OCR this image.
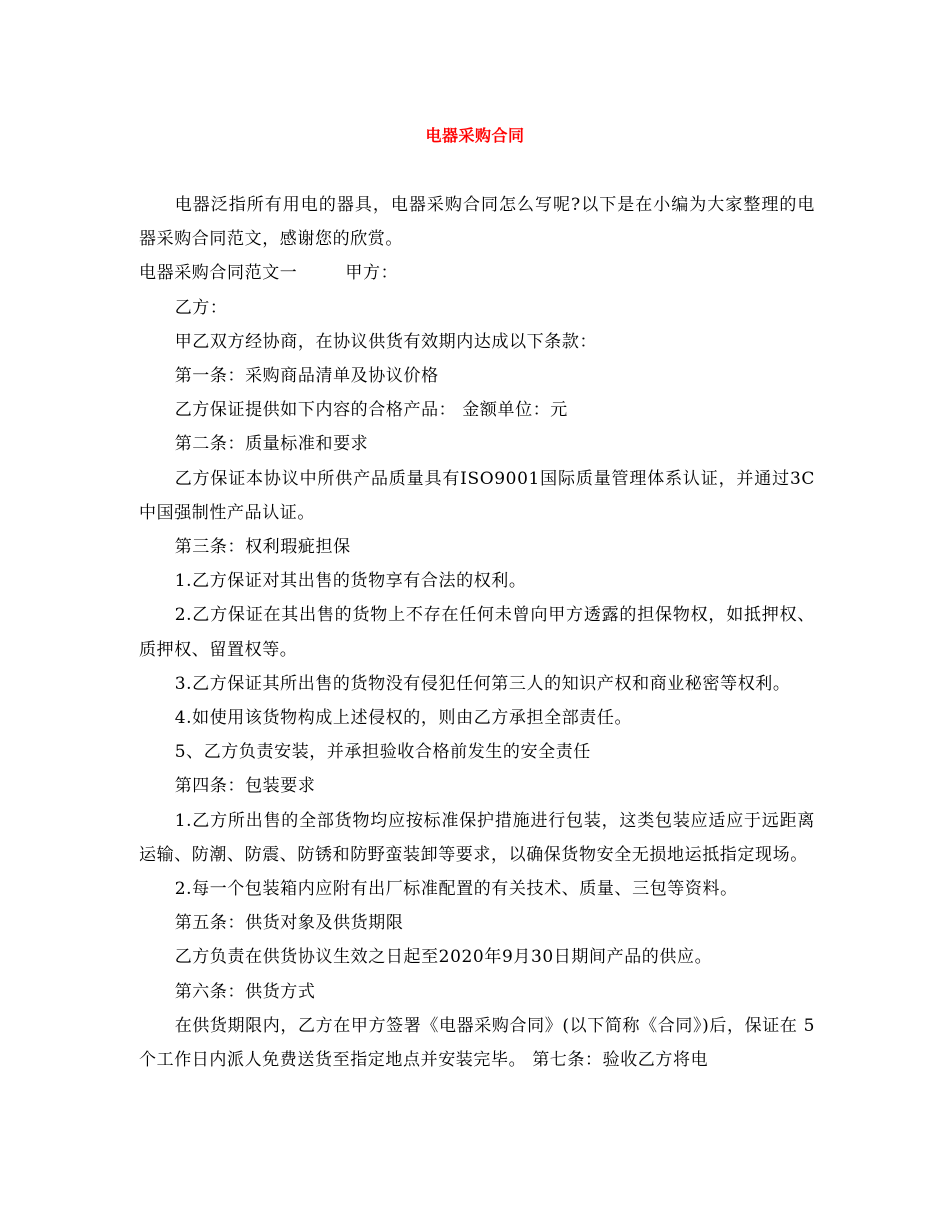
电器采购合同

电器泛指所有用电的器具，电器采购合同怎么写呢?以下是在小编为大家整理的电器采购合同范文，感谢您的欣赏。

电器采购合同范文一	甲方：

乙方：

甲乙双方经协商，在协议供货有效期内达成以下条款：

第一条：采购商品清单及协议价格

乙方保证提供如下内容的合格产品： 金额单位：元

第二条：质量标准和要求

乙方保证本协议中所供产品质量具有ISO9001国际质量管理体系认证，并通过3C中国强制性产品认证。

第三条：权利瑕疵担保

1.乙方保证对其出售的货物享有合法的权利。

2.乙方保证在其出售的货物上不存在任何未曾向甲方透露的担保物权，如抵押权、质押权、留置权等。

3.乙方保证其所出售的货物没有侵犯任何第三人的知识产权和商业秘密等权利。

4.如使用该货物构成上述侵权的，则由乙方承担全部责任。

5、乙方负责安装，并承担验收合格前发生的安全责任

第四条：包装要求

1.乙方所出售的全部货物均应按标准保护措施进行包装，这类包装应适应于远距离运输、防潮、防震、防锈和防野蛮装卸等要求，以确保货物安全无损地运抵指定现场。

2.每一个包装箱内应附有出厂标准配置的有关技术、质量、三包等资料。

第五条：供货对象及供货期限

乙方负责在供货协议生效之日起至2020年9月30日期间产品的供应。

第六条：供货方式

在供货期限内，乙方在甲方签署《电器采购合同》(以下简称《合同》)后，保证在 5 个工作日内派人免费送货至指定地点并安装完毕。 第七条：验收乙方将电
